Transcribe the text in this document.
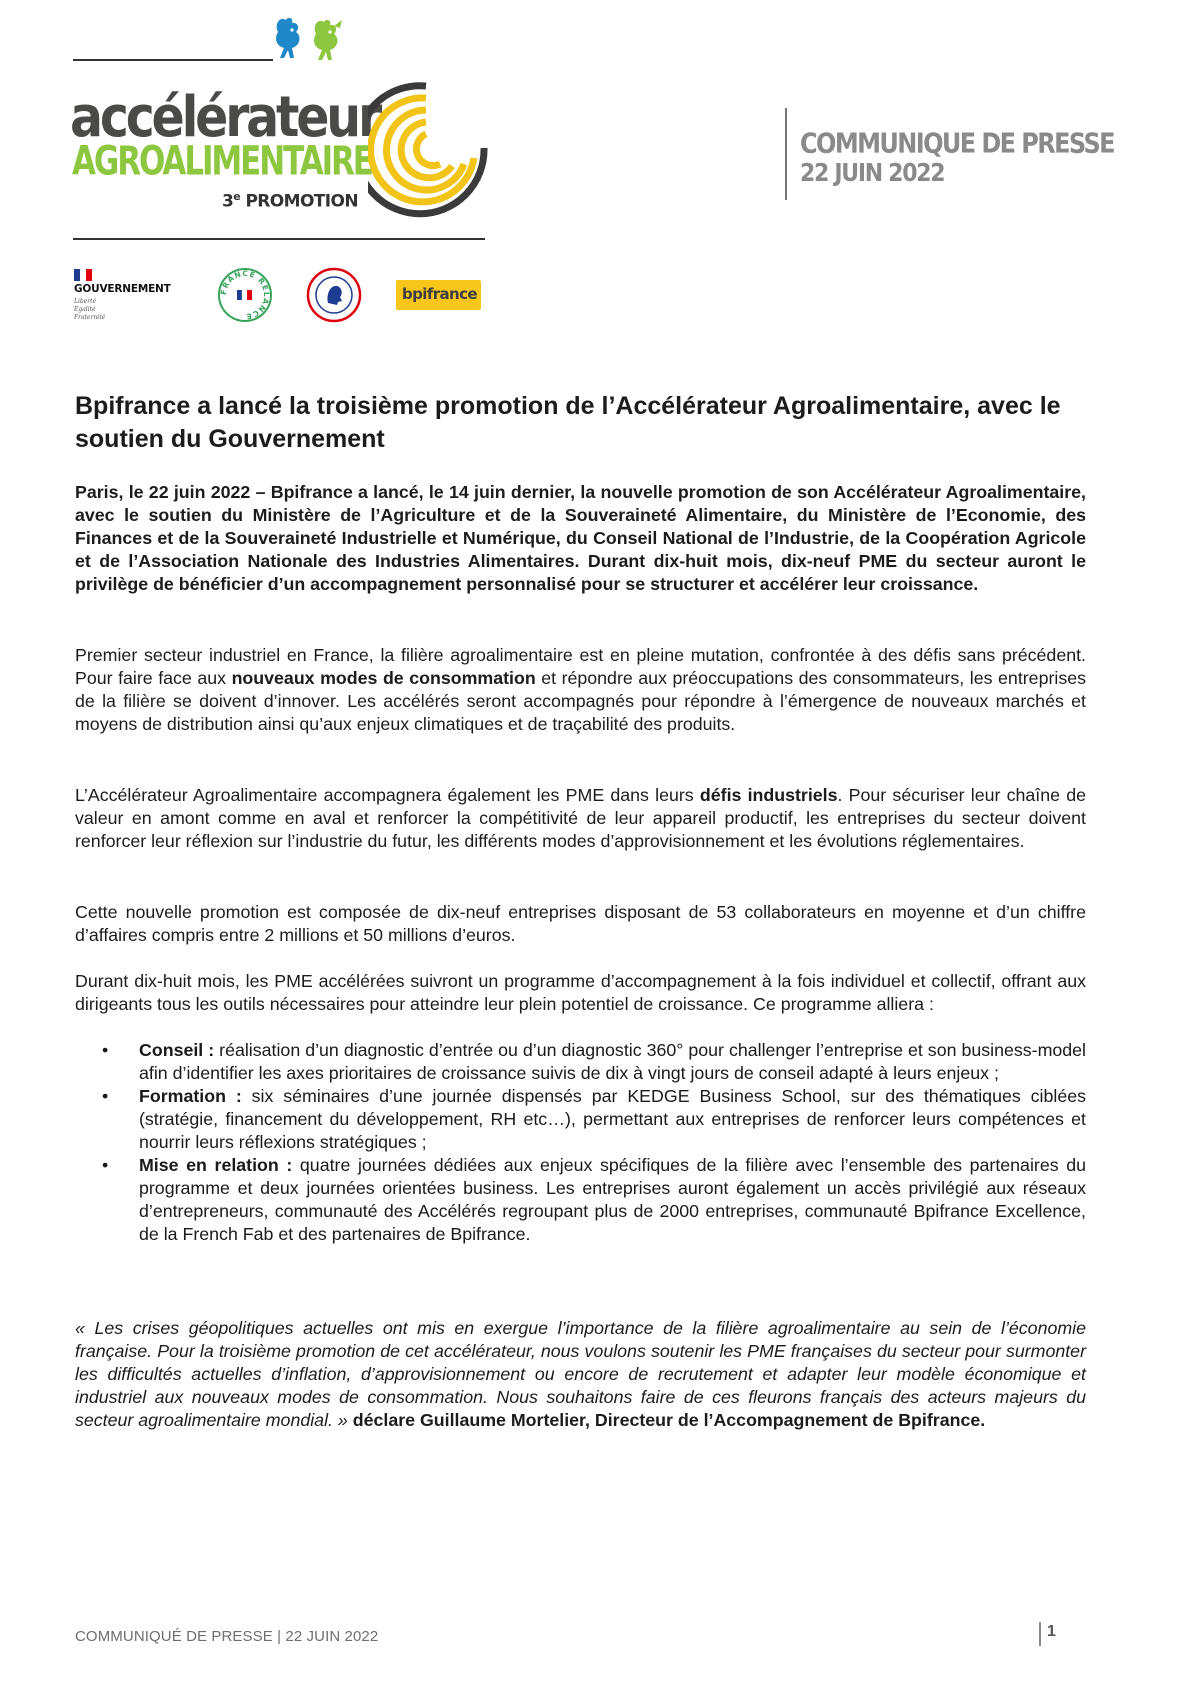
accélérateur
AGROALIMENTAIRE
3e PROMOTION
GOUVERNEMENT
Liberté
Égalité
Fraternité
FRANCE RELANCE
bpifrance
COMMUNIQUE DE PRESSE
22 JUIN 2022
Bpifrance a lancé la troisième promotion de l’Accélérateur Agroalimentaire, avec le soutien du Gouvernement
Paris, le 22 juin 2022 – Bpifrance a lancé, le 14 juin dernier, la nouvelle promotion de son Accélérateur Agroalimentaire, avec le soutien du Ministère de l’Agriculture et de la Souveraineté Alimentaire, du Ministère de l’Economie, des Finances et de la Souveraineté Industrielle et Numérique, du Conseil National de l’Industrie, de la Coopération Agricole et de l’Association Nationale des Industries Alimentaires. Durant dix-huit mois, dix-neuf PME du secteur auront le privilège de bénéficier d’un accompagnement personnalisé pour se structurer et accélérer leur croissance.
Premier secteur industriel en France, la filière agroalimentaire est en pleine mutation, confrontée à des défis sans précédent. Pour faire face aux nouveaux modes de consommation et répondre aux préoccupations des consommateurs, les entreprises de la filière se doivent d’innover. Les accélérés seront accompagnés pour répondre à l’émergence de nouveaux marchés et moyens de distribution ainsi qu’aux enjeux climatiques et de traçabilité des produits.
L’Accélérateur Agroalimentaire accompagnera également les PME dans leurs défis industriels. Pour sécuriser leur chaîne de valeur en amont comme en aval et renforcer la compétitivité de leur appareil productif, les entreprises du secteur doivent renforcer leur réflexion sur l’industrie du futur, les différents modes d’approvisionnement et les évolutions réglementaires.
Cette nouvelle promotion est composée de dix-neuf entreprises disposant de 53 collaborateurs en moyenne et d’un chiffre d’affaires compris entre 2 millions et 50 millions d’euros.
Durant dix-huit mois, les PME accélérées suivront un programme d’accompagnement à la fois individuel et collectif, offrant aux dirigeants tous les outils nécessaires pour atteindre leur plein potentiel de croissance. Ce programme alliera :
• Conseil : réalisation d’un diagnostic d’entrée ou d’un diagnostic 360° pour challenger l’entreprise et son business-model afin d’identifier les axes prioritaires de croissance suivis de dix à vingt jours de conseil adapté à leurs enjeux ;
• Formation : six séminaires d’une journée dispensés par KEDGE Business School, sur des thématiques ciblées (stratégie, financement du développement, RH etc…), permettant aux entreprises de renforcer leurs compétences et nourrir leurs réflexions stratégiques ;
• Mise en relation : quatre journées dédiées aux enjeux spécifiques de la filière avec l’ensemble des partenaires du programme et deux journées orientées business. Les entreprises auront également un accès privilégié aux réseaux d’entrepreneurs, communauté des Accélérés regroupant plus de 2000 entreprises, communauté Bpifrance Excellence, de la French Fab et des partenaires de Bpifrance.
« Les crises géopolitiques actuelles ont mis en exergue l’importance de la filière agroalimentaire au sein de l’économie française. Pour la troisième promotion de cet accélérateur, nous voulons soutenir les PME françaises du secteur pour surmonter les difficultés actuelles d’inflation, d’approvisionnement ou encore de recrutement et adapter leur modèle économique et industriel aux nouveaux modes de consommation. Nous souhaitons faire de ces fleurons français des acteurs majeurs du secteur agroalimentaire mondial. » déclare Guillaume Mortelier, Directeur de l’Accompagnement de Bpifrance.
COMMUNIQUÉ DE PRESSE | 22 JUIN 2022	1
